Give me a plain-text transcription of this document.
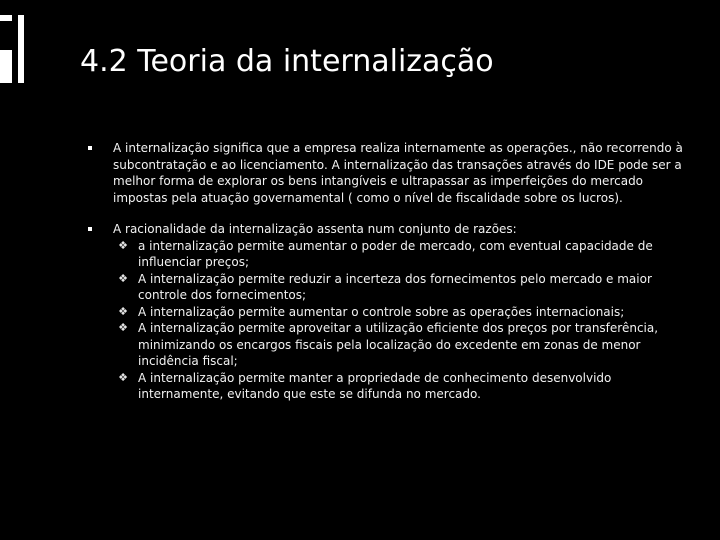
4.2 Teoria da internalização
A internalização significa que a empresa realiza internamente as operações., não recorrendo à subcontratação e ao licenciamento. A internalização das transações através do IDE pode ser a melhor forma de explorar os bens intangíveis e ultrapassar as imperfeições do mercado impostas pela atuação governamental ( como o nível de fiscalidade sobre os lucros).
A racionalidade da internalização assenta num conjunto de razões:
❖ a internalização permite aumentar o poder de mercado, com eventual capacidade de influenciar preços;
❖ A internalização permite reduzir a incerteza dos fornecimentos pelo mercado e maior controle dos fornecimentos;
❖ A internalização permite aumentar o controle sobre as operações internacionais;
❖ A internalização permite aproveitar a utilização eficiente dos preços por transferência, minimizando os encargos fiscais pela localização do excedente em zonas de menor incidência fiscal;
❖ A internalização permite manter a propriedade de conhecimento desenvolvido internamente, evitando que este se difunda no mercado.
